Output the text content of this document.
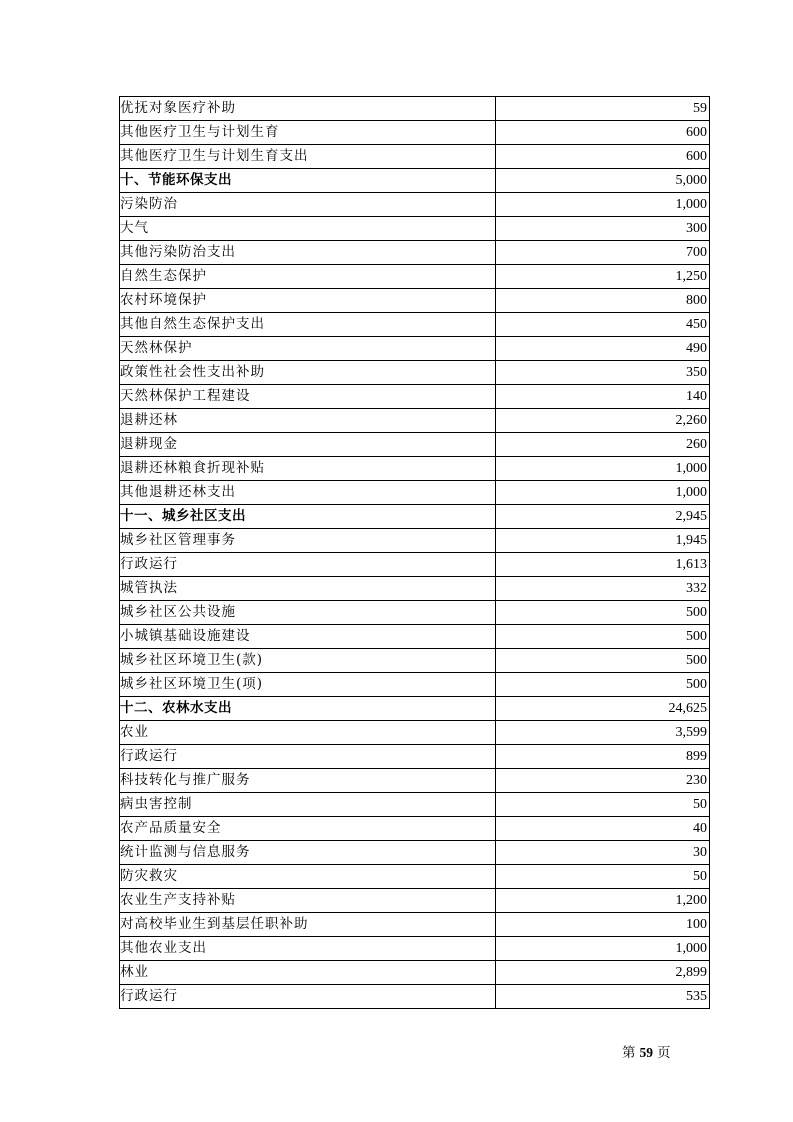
优抚对象医疗补助	59
其他医疗卫生与计划生育	600
其他医疗卫生与计划生育支出	600
十、节能环保支出	5,000
污染防治	1,000
大气	300
其他污染防治支出	700
自然生态保护	1,250
农村环境保护	800
其他自然生态保护支出	450
天然林保护	490
政策性社会性支出补助	350
天然林保护工程建设	140
退耕还林	2,260
退耕现金	260
退耕还林粮食折现补贴	1,000
其他退耕还林支出	1,000
十一、城乡社区支出	2,945
城乡社区管理事务	1,945
行政运行	1,613
城管执法	332
城乡社区公共设施	500
小城镇基础设施建设	500
城乡社区环境卫生(款)	500
城乡社区环境卫生(项)	500
十二、农林水支出	24,625
农业	3,599
行政运行	899
科技转化与推广服务	230
病虫害控制	50
农产品质量安全	40
统计监测与信息服务	30
防灾救灾	50
农业生产支持补贴	1,200
对高校毕业生到基层任职补助	100
其他农业支出	1,000
林业	2,899
行政运行	535
第 59 页
